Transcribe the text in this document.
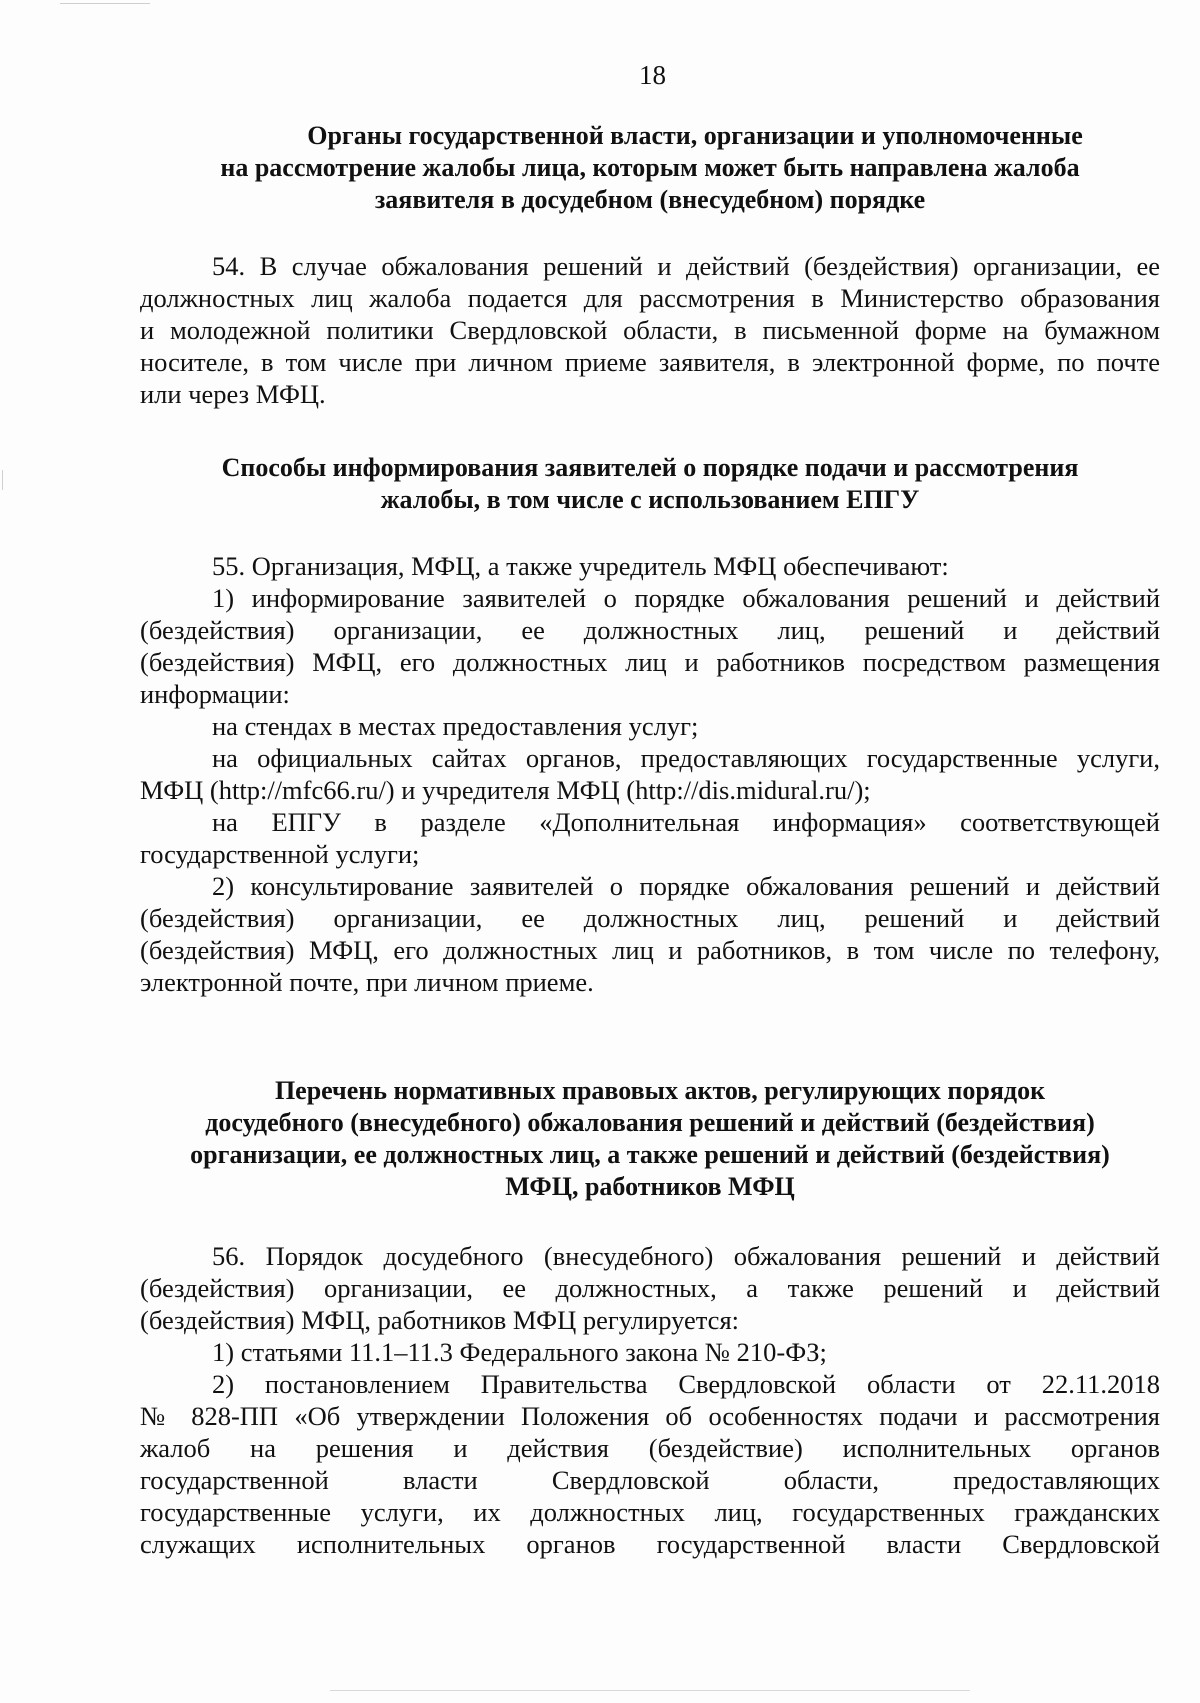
18
Органы государственной власти, организации и уполномоченные
на рассмотрение жалобы лица, которым может быть направлена жалоба
заявителя в досудебном (внесудебном) порядке
54. В случае обжалования решений и действий (бездействия) организации, ее
должностных лиц жалоба подается для рассмотрения в Министерство образования
и молодежной политики Свердловской области, в письменной форме на бумажном
носителе, в том числе при личном приеме заявителя, в электронной форме, по почте
или через МФЦ.
Способы информирования заявителей о порядке подачи и рассмотрения
жалобы, в том числе с использованием ЕПГУ
55. Организация, МФЦ, а также учредитель МФЦ обеспечивают:
1) информирование заявителей о порядке обжалования решений и действий
(бездействия) организации, ее должностных лиц, решений и действий
(бездействия) МФЦ, его должностных лиц и работников посредством размещения
информации:
на стендах в местах предоставления услуг;
на официальных сайтах органов, предоставляющих государственные услуги,
МФЦ (http://mfc66.ru/) и учредителя МФЦ (http://dis.midural.ru/);
на ЕПГУ в разделе «Дополнительная информация» соответствующей
государственной услуги;
2) консультирование заявителей о порядке обжалования решений и действий
(бездействия) организации, ее должностных лиц, решений и действий
(бездействия) МФЦ, его должностных лиц и работников, в том числе по телефону,
электронной почте, при личном приеме.
Перечень нормативных правовых актов, регулирующих порядок
досудебного (внесудебного) обжалования решений и действий (бездействия)
организации, ее должностных лиц, а также решений и действий (бездействия)
МФЦ, работников МФЦ
56. Порядок досудебного (внесудебного) обжалования решений и действий
(бездействия) организации, ее должностных, а также решений и действий
(бездействия) МФЦ, работников МФЦ регулируется:
1) статьями 11.1–11.3 Федерального закона № 210-ФЗ;
2) постановлением Правительства Свердловской области от 22.11.2018
№ 828-ПП «Об утверждении Положения об особенностях подачи и рассмотрения
жалоб на решения и действия (бездействие) исполнительных органов
государственной власти Свердловской области, предоставляющих
государственные услуги, их должностных лиц, государственных гражданских
служащих исполнительных органов государственной власти Свердловской
